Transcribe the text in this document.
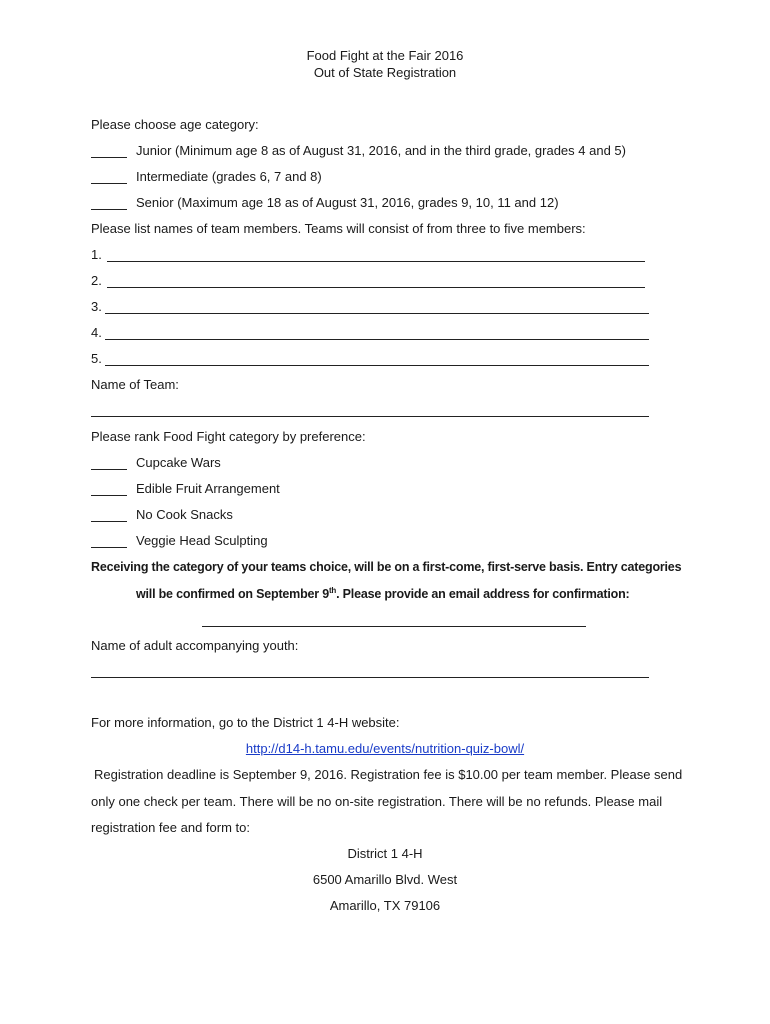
Food Fight at the Fair 2016
Out of State Registration
Please choose age category:
Junior (Minimum age 8 as of August 31, 2016, and in the third grade, grades 4 and 5)
Intermediate (grades 6, 7 and 8)
Senior (Maximum age 18 as of August 31, 2016, grades 9, 10, 11 and 12)
Please list names of team members. Teams will consist of from three to five members:
1.
2.
3.
4.
5.
Name of Team:
Please rank Food Fight category by preference:
Cupcake Wars
Edible Fruit Arrangement
No Cook Snacks
Veggie Head Sculpting
Receiving the category of your teams choice, will be on a first-come, first-serve basis. Entry categories
will be confirmed on September 9th. Please provide an email address for confirmation:
Name of adult accompanying youth:
For more information, go to the District 1 4-H website:
http://d14-h.tamu.edu/events/nutrition-quiz-bowl/
Registration deadline is September 9, 2016. Registration fee is $10.00 per team member. Please send
only one check per team. There will be no on-site registration. There will be no refunds. Please mail
registration fee and form to:
District 1 4-H
6500 Amarillo Blvd. West
Amarillo, TX 79106
